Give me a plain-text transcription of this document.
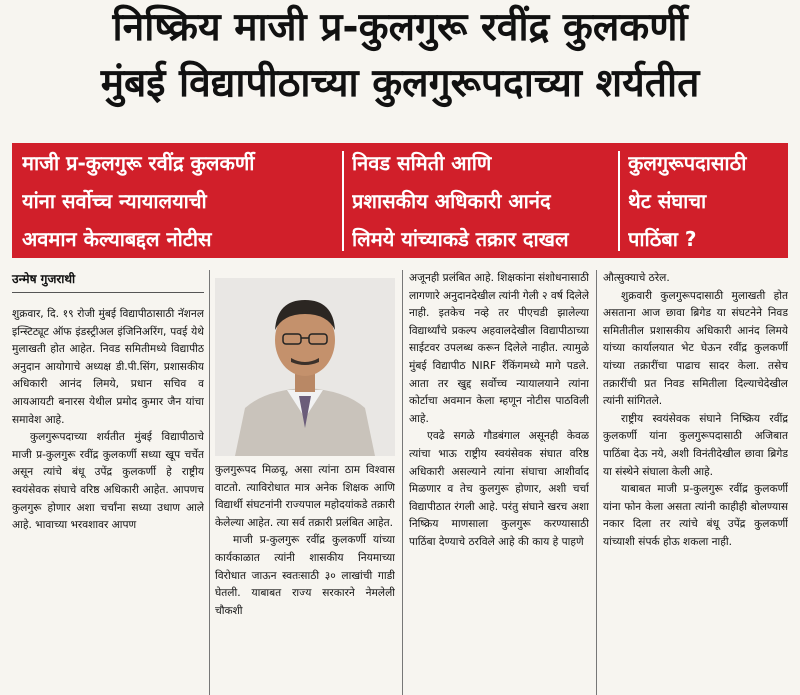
निष्क्रिय माजी प्र-कुलगुरू रवींद्र कुलकर्णी
मुंबई विद्यापीठाच्या कुलगुरूपदाच्या शर्यतीत
माजी प्र-कुलगुरू रवींद्र कुलकर्णी
यांना सर्वोच्च न्यायालयाची
अवमान केल्याबद्दल नोटीस
निवड समिती आणि
प्रशासकीय अधिकारी आनंद
लिमये यांच्याकडे तक्रार दाखल
कुलगुरूपदासाठी
थेट संघाचा
पाठिंबा ?
उन्मेष गुजराथी

शुक्रवार, दि. १९ रोजी मुंबई विद्यापीठासाठी नॅशनल इन्स्टिट्यूट ऑफ इंडस्ट्रीअल इंजिनिअरिंग, पवई येथे मुलाखती होत आहेत. निवड समितीमध्ये विद्यापीठ अनुदान आयोगाचे अध्यक्ष डी.पी.सिंग, प्रशासकीय अधिकारी आनंद लिमये, प्रधान सचिव व आयआयटी बनारस येथील प्रमोद कुमार जैन यांचा समावेश आहे.

कुलगुरूपदाच्या शर्यतीत मुंबई विद्यापीठाचे माजी प्र-कुलगुरू रवींद्र कुलकर्णी सध्या खूप चर्चेत असून त्यांचे बंधू उपेंद्र कुलकर्णी हे राष्ट्रीय स्वयंसेवक संघाचे वरिष्ठ अधिकारी आहेत. आपणच कुलगुरू होणार अशा चर्चांना सध्या उधाण आले आहे. भावाच्या भरवशावर आपण

कुलगुरूपद मिळवू, असा त्यांना ठाम विश्वास वाटतो. त्याविरोधात मात्र अनेक शिक्षक आणि विद्यार्थी संघटनांनी राज्यपाल महोदयांकडे तक्रारी केलेल्या आहेत. त्या सर्व तक्रारी प्रलंबित आहेत.

माजी प्र-कुलगुरू रवींद्र कुलकर्णी यांच्या कार्यकाळात त्यांनी शासकीय नियमाच्या विरोधात जाऊन स्वतःसाठी ३० लाखांची गाडी घेतली. याबाबत राज्य सरकारने नेमलेली चौकशी

अजूनही प्रलंबित आहे. शिक्षकांना संशोधनासाठी लागणारे अनुदानदेखील त्यांनी गेली २ वर्ष दिलेले नाही. इतकेच नव्हे तर पीएचडी झालेल्या विद्यार्थ्यांचे प्रकल्प अहवालदेखील विद्यापीठाच्या साईटवर उपलब्ध करून दिलेले नाहीत. त्यामुळे मुंबई विद्यापीठ NIRF रँकिंगमध्ये मागे पडले. आता तर खुद्द सर्वोच्च न्यायालयाने त्यांना कोर्टाचा अवमान केला म्हणून नोटीस पाठविली आहे.

एवढे सगळे गौडबंगाल असूनही केवळ त्यांचा भाऊ राष्ट्रीय स्वयंसेवक संघात वरिष्ठ अधिकारी असल्याने त्यांना संघाचा आशीर्वाद मिळणार व तेच कुलगुरू होणार, अशी चर्चा विद्यापीठात रंगली आहे. परंतु संघाने खरच अशा निष्क्रिय माणसाला कुलगुरू करण्यासाठी पाठिंबा देण्याचे ठरविले आहे की काय हे पाहणे

औत्सुक्याचे ठरेल.

शुक्रवारी कुलगुरूपदासाठी मुलाखती होत असताना आज छावा ब्रिगेड या संघटनेने निवड समितीतील प्रशासकीय अधिकारी आनंद लिमये यांच्या कार्यालयात भेट घेऊन रवींद्र कुलकर्णी यांच्या तक्रारींचा पाढाच सादर केला. तसेच तक्रारींची प्रत निवड समितीला दिल्याचेदेखील त्यांनी सांगितले.

राष्ट्रीय स्वयंसेवक संघाने निष्क्रिय रवींद्र कुलकर्णी यांना कुलगुरूपदासाठी अजिबात पाठिंबा देऊ नये, अशी विनंतीदेखील छावा ब्रिगेड या संस्थेने संघाला केली आहे.

याबाबत माजी प्र-कुलगुरू रवींद्र कुलकर्णी यांना फोन केला असता त्यांनी काहीही बोलण्यास नकार दिला तर त्यांचे बंधू उपेंद्र कुलकर्णी यांच्याशी संपर्क होऊ शकला नाही.
